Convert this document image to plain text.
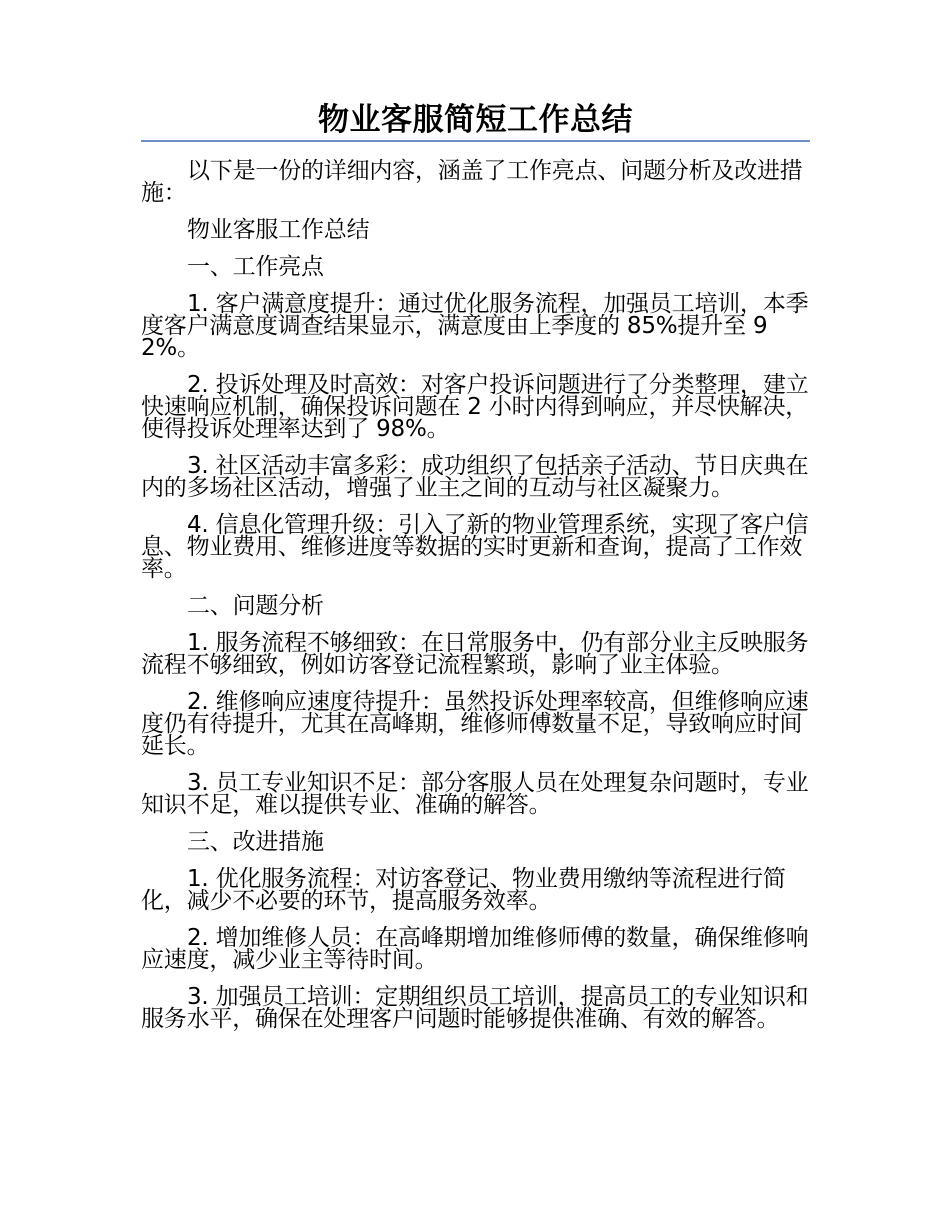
物业客服简短工作总结

以下是一份的详细内容，涵盖了工作亮点、问题分析及改进措施：

物业客服工作总结

一、工作亮点

1. 客户满意度提升：通过优化服务流程，加强员工培训，本季度客户满意度调查结果显示，满意度由上季度的 85%提升至 92%。

2. 投诉处理及时高效：对客户投诉问题进行了分类整理，建立快速响应机制，确保投诉问题在 2 小时内得到响应，并尽快解决，使得投诉处理率达到了 98%。

3. 社区活动丰富多彩：成功组织了包括亲子活动、节日庆典在内的多场社区活动，增强了业主之间的互动与社区凝聚力。

4. 信息化管理升级：引入了新的物业管理系统，实现了客户信息、物业费用、维修进度等数据的实时更新和查询，提高了工作效率。

二、问题分析

1. 服务流程不够细致：在日常服务中，仍有部分业主反映服务流程不够细致，例如访客登记流程繁琐，影响了业主体验。

2. 维修响应速度待提升：虽然投诉处理率较高，但维修响应速度仍有待提升，尤其在高峰期，维修师傅数量不足，导致响应时间延长。

3. 员工专业知识不足：部分客服人员在处理复杂问题时，专业知识不足，难以提供专业、准确的解答。

三、改进措施

1. 优化服务流程：对访客登记、物业费用缴纳等流程进行简化，减少不必要的环节，提高服务效率。

2. 增加维修人员：在高峰期增加维修师傅的数量，确保维修响应速度，减少业主等待时间。

3. 加强员工培训：定期组织员工培训，提高员工的专业知识和服务水平，确保在处理客户问题时能够提供准确、有效的解答。
